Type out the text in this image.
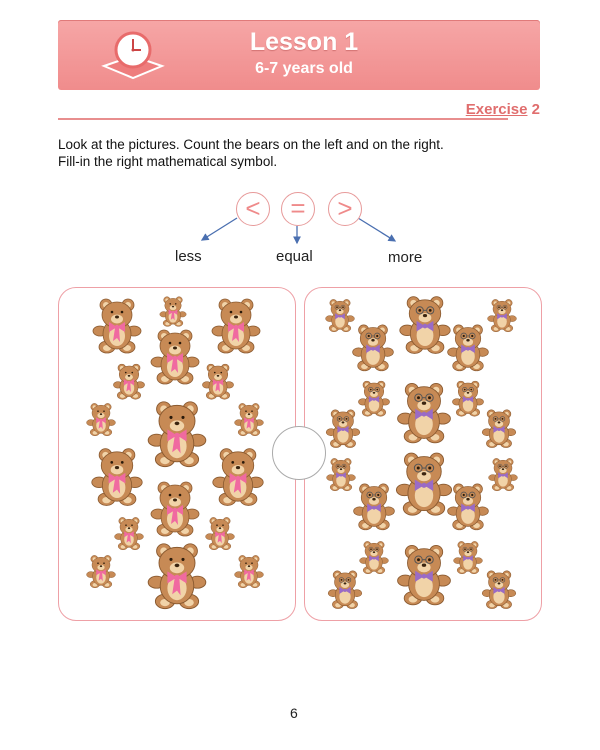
Lesson 1
6-7 years old
Exercise 2
Look at the pictures. Count the bears on the left and on the right.
Fill-in the right mathematical symbol.
<	=	>
less	equal	more
6
